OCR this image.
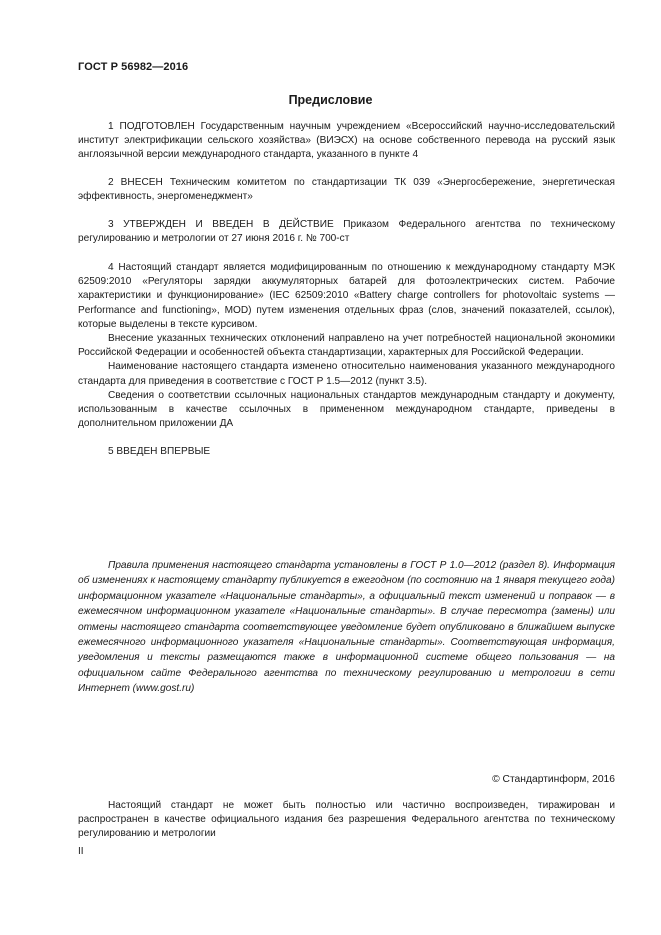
ГОСТ Р 56982—2016
Предисловие

1 ПОДГОТОВЛЕН Государственным научным учреждением «Всероссийский научно-исследовательский институт электрификации сельского хозяйства» (ВИЭСХ) на основе собственного перевода на русский язык англоязычной версии международного стандарта, указанного в пункте 4

2 ВНЕСЕН Техническим комитетом по стандартизации ТК 039 «Энергосбережение, энергетическая эффективность, энергоменеджмент»

3 УТВЕРЖДЕН И ВВЕДЕН В ДЕЙСТВИЕ Приказом Федерального агентства по техническому регулированию и метрологии от 27 июня 2016 г. № 700-ст

4 Настоящий стандарт является модифицированным по отношению к международному стандарту МЭК 62509:2010 «Регуляторы зарядки аккумуляторных батарей для фотоэлектрических систем. Рабочие характеристики и функционирование» (IEC 62509:2010 «Battery charge controllers for photovoltaic systems — Performance and functioning», MOD) путем изменения отдельных фраз (слов, значений показателей, ссылок), которые выделены в тексте курсивом.

Внесение указанных технических отклонений направлено на учет потребностей национальной экономики Российской Федерации и особенностей объекта стандартизации, характерных для Российской Федерации.

Наименование настоящего стандарта изменено относительно наименования указанного международного стандарта для приведения в соответствие с ГОСТ Р 1.5—2012 (пункт 3.5).

Сведения о соответствии ссылочных национальных стандартов международным стандарту и документу, использованным в качестве ссылочных в примененном международном стандарте, приведены в дополнительном приложении ДА

5 ВВЕДЕН ВПЕРВЫЕ

Правила применения настоящего стандарта установлены в ГОСТ Р 1.0—2012 (раздел 8). Информация об изменениях к настоящему стандарту публикуется в ежегодном (по состоянию на 1 января текущего года) информационном указателе «Национальные стандарты», а официальный текст изменений и поправок — в ежемесячном информационном указателе «Национальные стандарты». В случае пересмотра (замены) или отмены настоящего стандарта соответствующее уведомление будет опубликовано в ближайшем выпуске ежемесячного информационного указателя «Национальные стандарты». Соответствующая информация, уведомления и тексты размещаются также в информационной системе общего пользования — на официальном сайте Федерального агентства по техническому регулированию и метрологии в сети Интернет (www.gost.ru)

© Стандартинформ, 2016

Настоящий стандарт не может быть полностью или частично воспроизведен, тиражирован и распространен в качестве официального издания без разрешения Федерального агентства по техническому регулированию и метрологии

II
